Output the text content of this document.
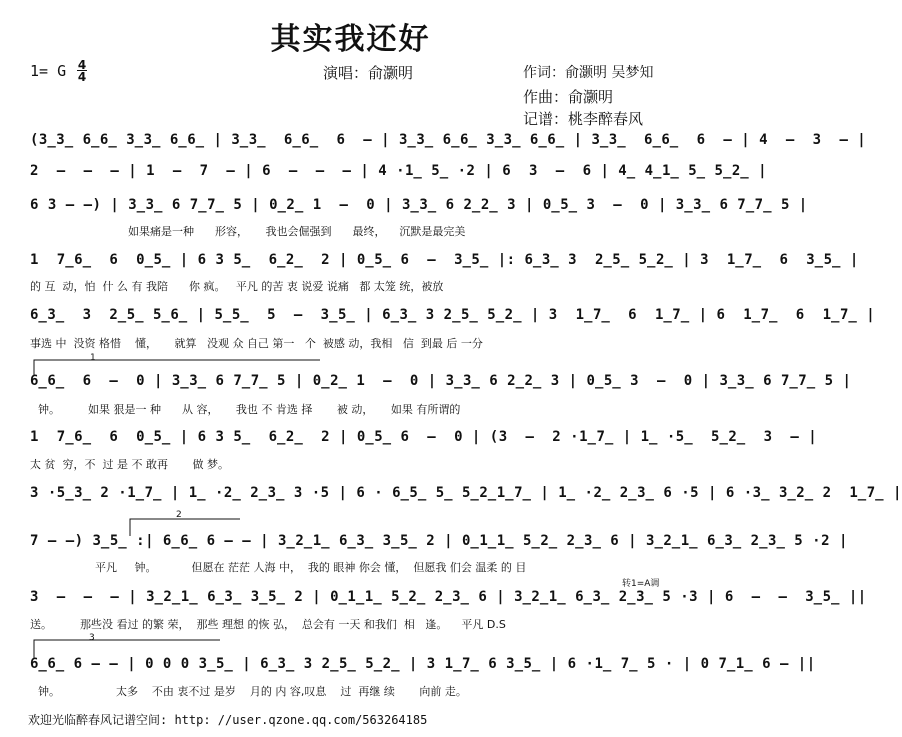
其实我还好
1= G 4
4	演唱：俞灏明	作词：俞灏明 吴梦知
作曲：俞灏明
记谱：桃李醉春风
(3̲3̲ 6̲6̲ 3̲3̲ 6̲6̲ | 3̲3̲  6̲6̲  6  – | 3̲3̲ 6̲6̲ 3̲3̲ 6̲6̲ | 3̲3̲  6̲6̲  6  – | 4  –  3  – |
2  –  –  – | 1  –  7  – | 6  –  –  – | 4 ·1̲ 5̲ ·2 | 6  3  –  6 | 4̲ 4̲1̲ 5̲ 5̲2̲ |
6 3 – –) | 3̲3̲ 6 7̲7̲ 5 | 0̲2̲ 1  –  0 | 3̲3̲ 6 2̲2̲ 3 | 0̲5̲ 3  –  0 | 3̲3̲ 6 7̲7̲ 5 |
如果痛是一种      形容，     我也会倔强到      最终，    沉默是最完美
1  7̲6̲  6  0̲5̲ | 6 3 5̲  6̲2̲  2 | 0̲5̲ 6  –  3̲5̲ |: 6̲3̲ 3  2̲5̲ 5̲2̲ | 3  1̲7̲  6  3̲5̲ |
的 互  动，怕  什 么 有 我陪      你 疯。   平凡 的苦 衷 说爱 说痛   都 太笼 统，被放
6̲3̲  3  2̲5̲ 5̲6̲ | 5̲5̲  5  –  3̲5̲ | 6̲3̲ 3 2̲5̲ 5̲2̲ | 3  1̲7̲  6  1̲7̲ | 6  1̲7̲  6  1̲7̲ |
事选 中  没资 格惜    懂，     就算   没观 众 自己 第一   个  被感 动，我相   信  到最 后 一分
6̲6̲  6  –  0 | 3̲3̲ 6 7̲7̲ 5 | 0̲2̲ 1  –  0 | 3̲3̲ 6 2̲2̲ 3 | 0̲5̲ 3  –  0 | 3̲3̲ 6 7̲7̲ 5 |
钟。        如果 狠是一 种      从 容，     我也 不 肯选 择       被 动，     如果 有所谓的
1  7̲6̲  6  0̲5̲ | 6 3 5̲  6̲2̲  2 | 0̲5̲ 6  –  0 | (3  –  2 ·1̲7̲ | 1̲ ·5̲  5̲2̲  3  – |
太 贫  穷，不  过 是 不 敢再       做 梦。
3 ·5̲3̲ 2 ·1̲7̲ | 1̲ ·2̲ 2̲3̲ 3 ·5 | 6 · 6̲5̲ 5̲ 5̲2̲1̲7̲ | 1̲ ·2̲ 2̲3̲ 6 ·5 | 6 ·3̲ 3̲2̲ 2  1̲7̲ |
7 – –) 3̲5̲ :| 6̲6̲ 6 – – | 3̲2̲1̲ 6̲3̲ 3̲5̲ 2 | 0̲1̲1̲ 5̲2̲ 2̲3̲ 6 | 3̲2̲1̲ 6̲3̲ 2̲3̲ 5 ·2 |
平凡     钟。          但愿在 茫茫 人海 中，  我的 眼神 你会 懂，  但愿我 们会 温柔 的 目
3  –  –  – | 3̲2̲1̲ 6̲3̲ 3̲5̲ 2 | 0̲1̲1̲ 5̲2̲ 2̲3̲ 6 | 3̲2̲1̲ 6̲3̲ 2̲3̲ 5 ·3 | 6  –  –  3̲5̲ ||
送。        那些没 看过 的繁 荣，  那些 理想 的恢 弘，  总会有 一天 和我们  相   逢。    平凡 D.S
6̲6̲ 6 – – | 0 0 0 3̲5̲ | 6̲3̲ 3 2̲5̲ 5̲2̲ | 3 1̲7̲ 6 3̲5̲ | 6 ·1̲ 7̲ 5 · | 0 7̲1̲ 6 – ||
钟。                太多    不由 衷不过 是岁    月的 内 容,叹息    过  再继 续       向前 走。
1
2
3
转1=A调
欢迎光临醉春风记谱空间: http: //user.qzone.qq.com/563264185
